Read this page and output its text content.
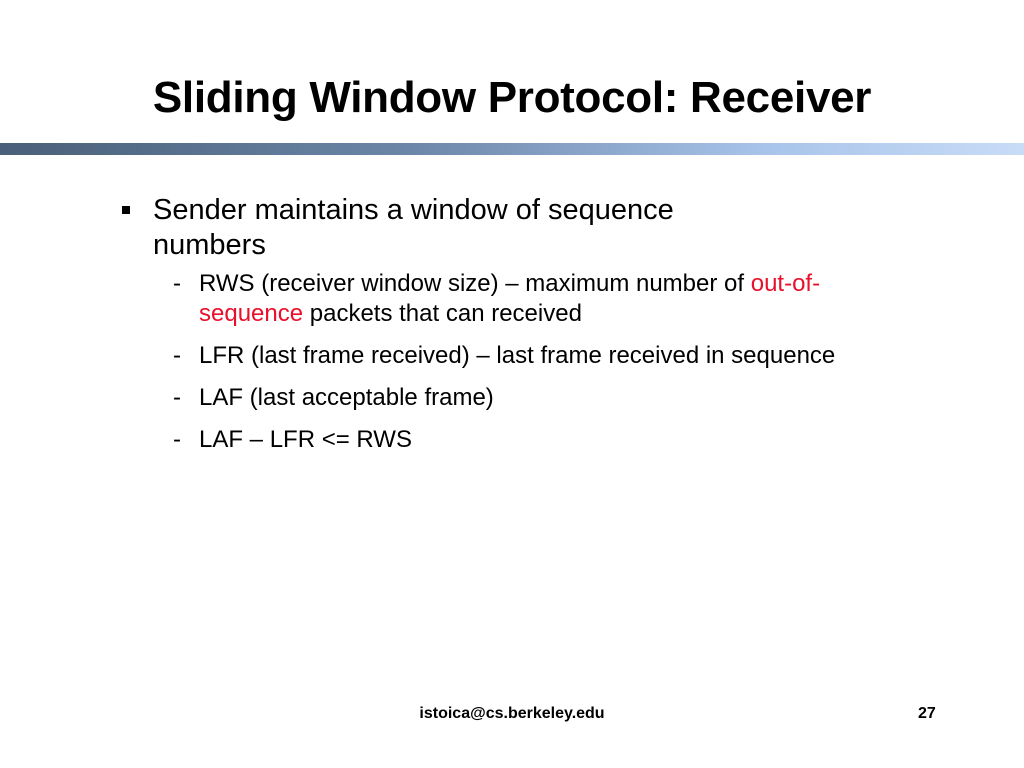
Sliding Window Protocol: Receiver
Sender maintains a window of sequence numbers
- RWS (receiver window size) – maximum number of out-of-sequence packets that can received
- LFR (last frame received) – last frame received in sequence
- LAF (last acceptable frame)
- LAF – LFR <= RWS
istoica@cs.berkeley.edu	27
